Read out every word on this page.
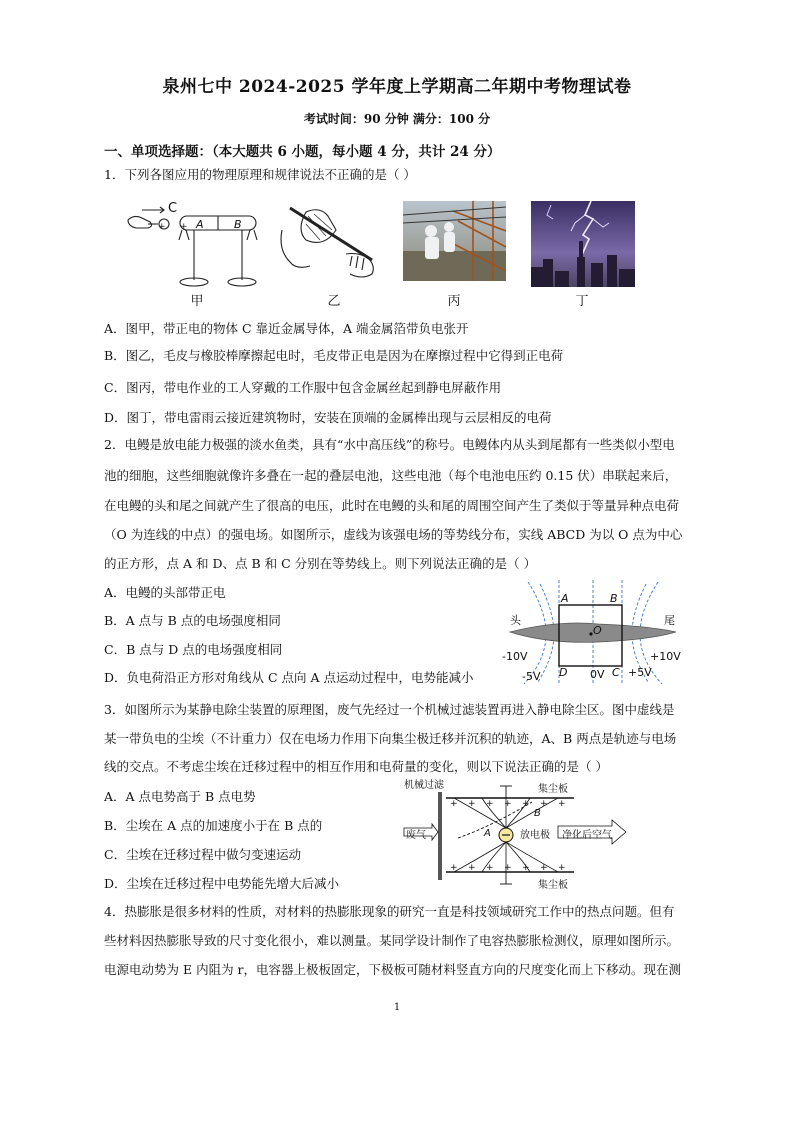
泉州七中 2024-2025 学年度上学期高二年期中考物理试卷
考试时间：90 分钟 满分：100 分
一、单项选择题：（本大题共 6 小题，每小题 4 分，共计 24 分）
1．下列各图应用的物理原理和规律说法不正确的是（ ）
+ +
C
A	B
甲	乙	丙	丁
A．图甲，带正电的物体 C 靠近金属导体，A 端金属箔带负电张开
B．图乙，毛皮与橡胶棒摩擦起电时，毛皮带正电是因为在摩擦过程中它得到正电荷
C．图丙，带电作业的工人穿戴的工作服中包含金属丝起到静电屏蔽作用
D．图丁，带电雷雨云接近建筑物时，安装在顶端的金属棒出现与云层相反的电荷
2．电鳗是放电能力极强的淡水鱼类，具有“水中高压线”的称号。电鳗体内从头到尾都有一些类似小型电
池的细胞，这些细胞就像许多叠在一起的叠层电池，这些电池（每个电池电压约 0.15 伏）串联起来后，
在电鳗的头和尾之间就产生了很高的电压，此时在电鳗的头和尾的周围空间产生了类似于等量异种点电荷
（O 为连线的中点）的强电场。如图所示，虚线为该强电场的等势线分布，实线 ABCD 为以 O 点为中心
的正方形，点 A 和 D、点 B 和 C 分别在等势线上。则下列说法正确的是（ ）
A．电鳗的头部带正电
B．A 点与 B 点的电场强度相同
C．B 点与 D 点的电场强度相同
D．负电荷沿正方形对角线从 C 点向 A 点运动过程中，电势能减小
头	尾
A	B
C
D
O
-10V	+10V
-5V	0V +5V
3．如图所示为某静电除尘装置的原理图，废气先经过一个机械过滤装置再进入静电除尘区。图中虚线是
某一带负电的尘埃（不计重力）仅在电场力作用下向集尘极迁移并沉积的轨迹，A、B 两点是轨迹与电场
线的交点。不考虑尘埃在迁移过程中的相互作用和电荷量的变化，则以下说法正确的是（ ）
A．A 点电势高于 B 点电势
B．尘埃在 A 点的加速度小于在 B 点的
C．尘埃在迁移过程中做匀变速运动
D．尘埃在迁移过程中电势能先增大后减小
机械过滤	集尘板
集尘板
放电极
废气	净化后空气
A
B
+ + + + + + +
+ + + + + + +
4．热膨胀是很多材料的性质，对材料的热膨胀现象的研究一直是科技领域研究工作中的热点问题。但有
些材料因热膨胀导致的尺寸变化很小，难以测量。某同学设计制作了电容热膨胀检测仪，原理如图所示。
电源电动势为 E 内阻为 r，电容器上极板固定，下极板可随材料竖直方向的尺度变化而上下移动。现在测
1
